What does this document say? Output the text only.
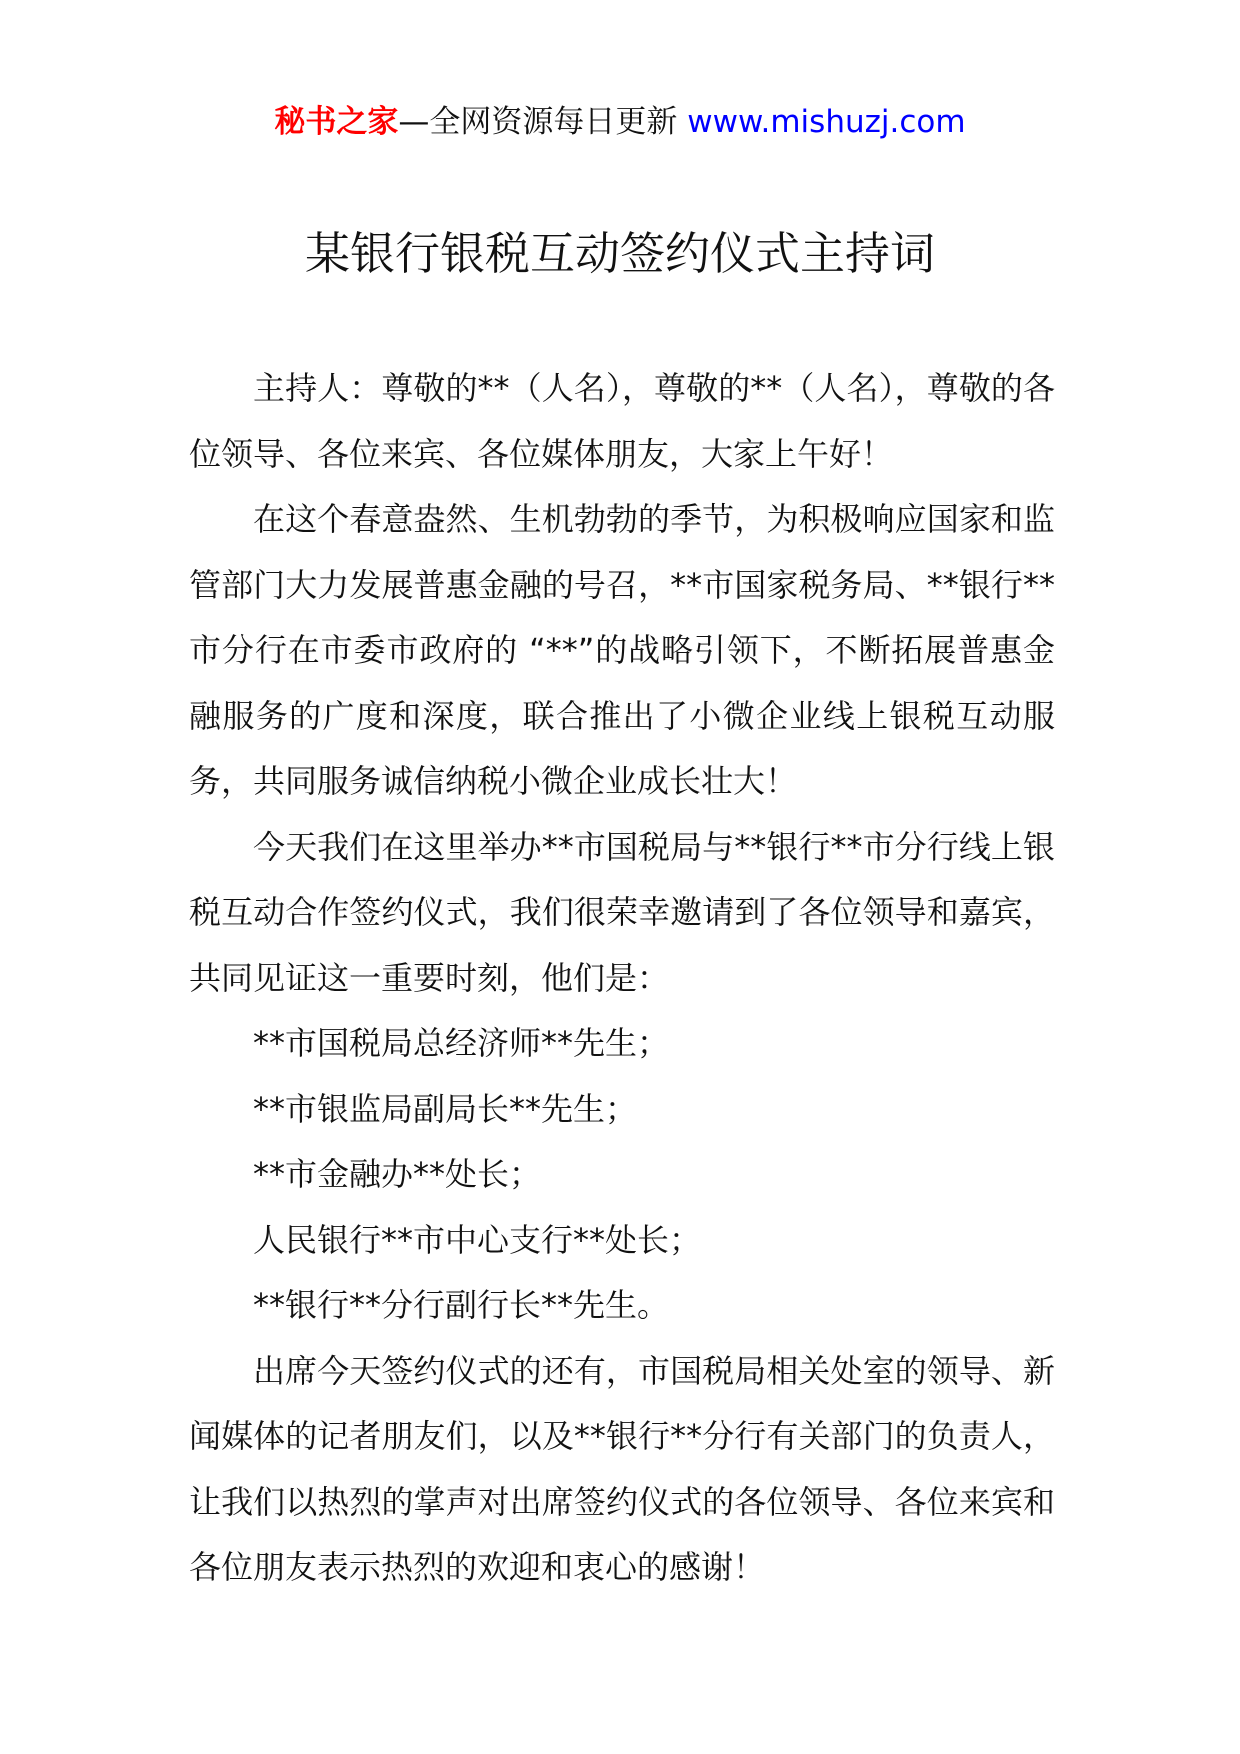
秘书之家—全网资源每日更新 www.mishuzj.com
某银行银税互动签约仪式主持词

主持人：尊敬的**（人名），尊敬的**（人名），尊敬的各位领导、各位来宾、各位媒体朋友，大家上午好！

在这个春意盎然、生机勃勃的季节，为积极响应国家和监管部门大力发展普惠金融的号召，**市国家税务局、**银行**市分行在市委市政府的 “**”的战略引领下，不断拓展普惠金融服务的广度和深度，联合推出了小微企业线上银税互动服务，共同服务诚信纳税小微企业成长壮大！

今天我们在这里举办**市国税局与**银行**市分行线上银税互动合作签约仪式，我们很荣幸邀请到了各位领导和嘉宾，共同见证这一重要时刻，他们是：

**市国税局总经济师**先生；

**市银监局副局长**先生；

**市金融办**处长；

人民银行**市中心支行**处长；

**银行**分行副行长**先生。

出席今天签约仪式的还有，市国税局相关处室的领导、新闻媒体的记者朋友们，以及**银行**分行有关部门的负责人，让我们以热烈的掌声对出席签约仪式的各位领导、各位来宾和各位朋友表示热烈的欢迎和衷心的感谢！
